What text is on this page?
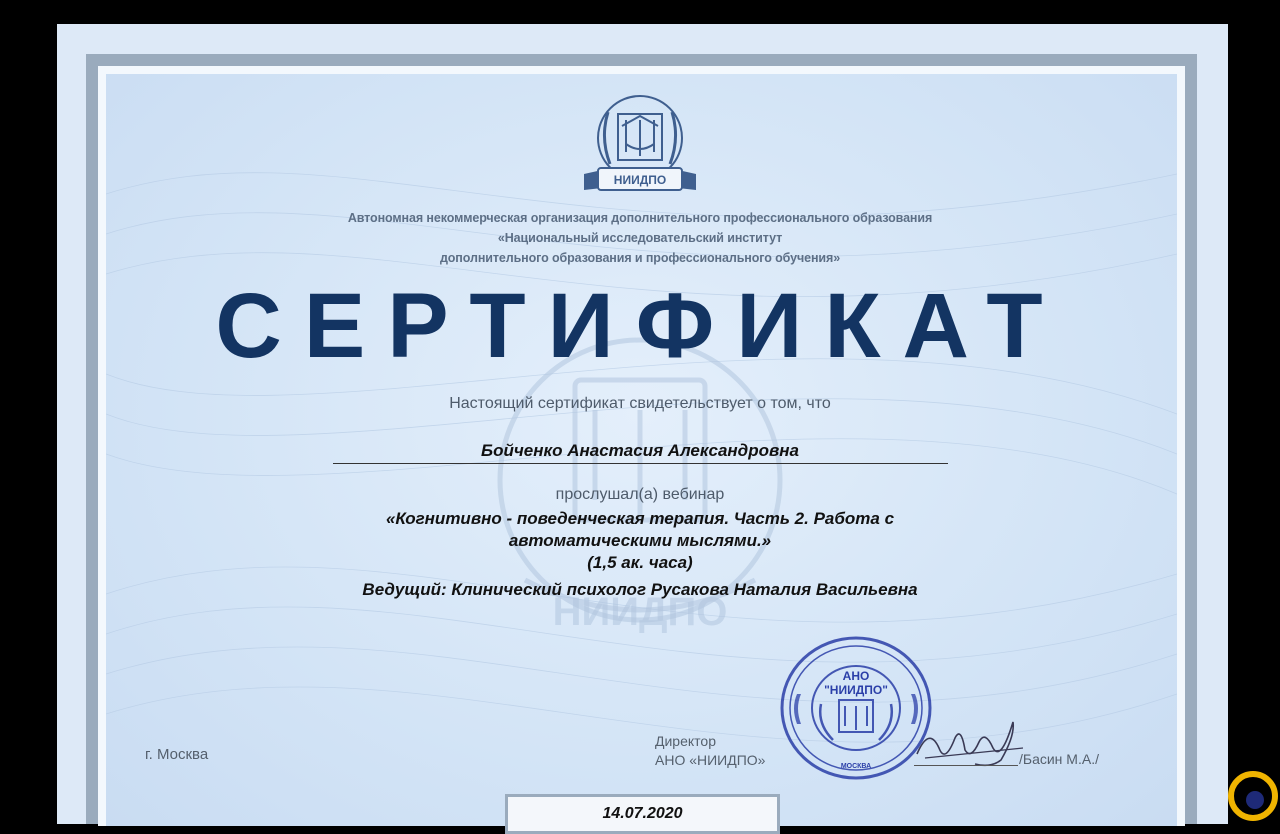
НИИДПО
НИИДПО
Автономная некоммерческая организация дополнительного профессионального образования
«Национальный исследовательский институт
дополнительного образования и профессионального обучения»
СЕРТИФИКАТ
Настоящий сертификат свидетельствует о том, что
Бойченко Анастасия Александровна
прослушал(а) вебинар
«Когнитивно - поведенческая терапия. Часть 2. Работа с
автоматическими мыслями.»
(1,5 ак. часа)
Ведущий: Клинический психолог Русакова Наталия Васильевна
г. Москва
Директор
АНО «НИИДПО»
АНО
"НИИДПО"
МОСКВА	/Басин М.А./
14.07.2020
